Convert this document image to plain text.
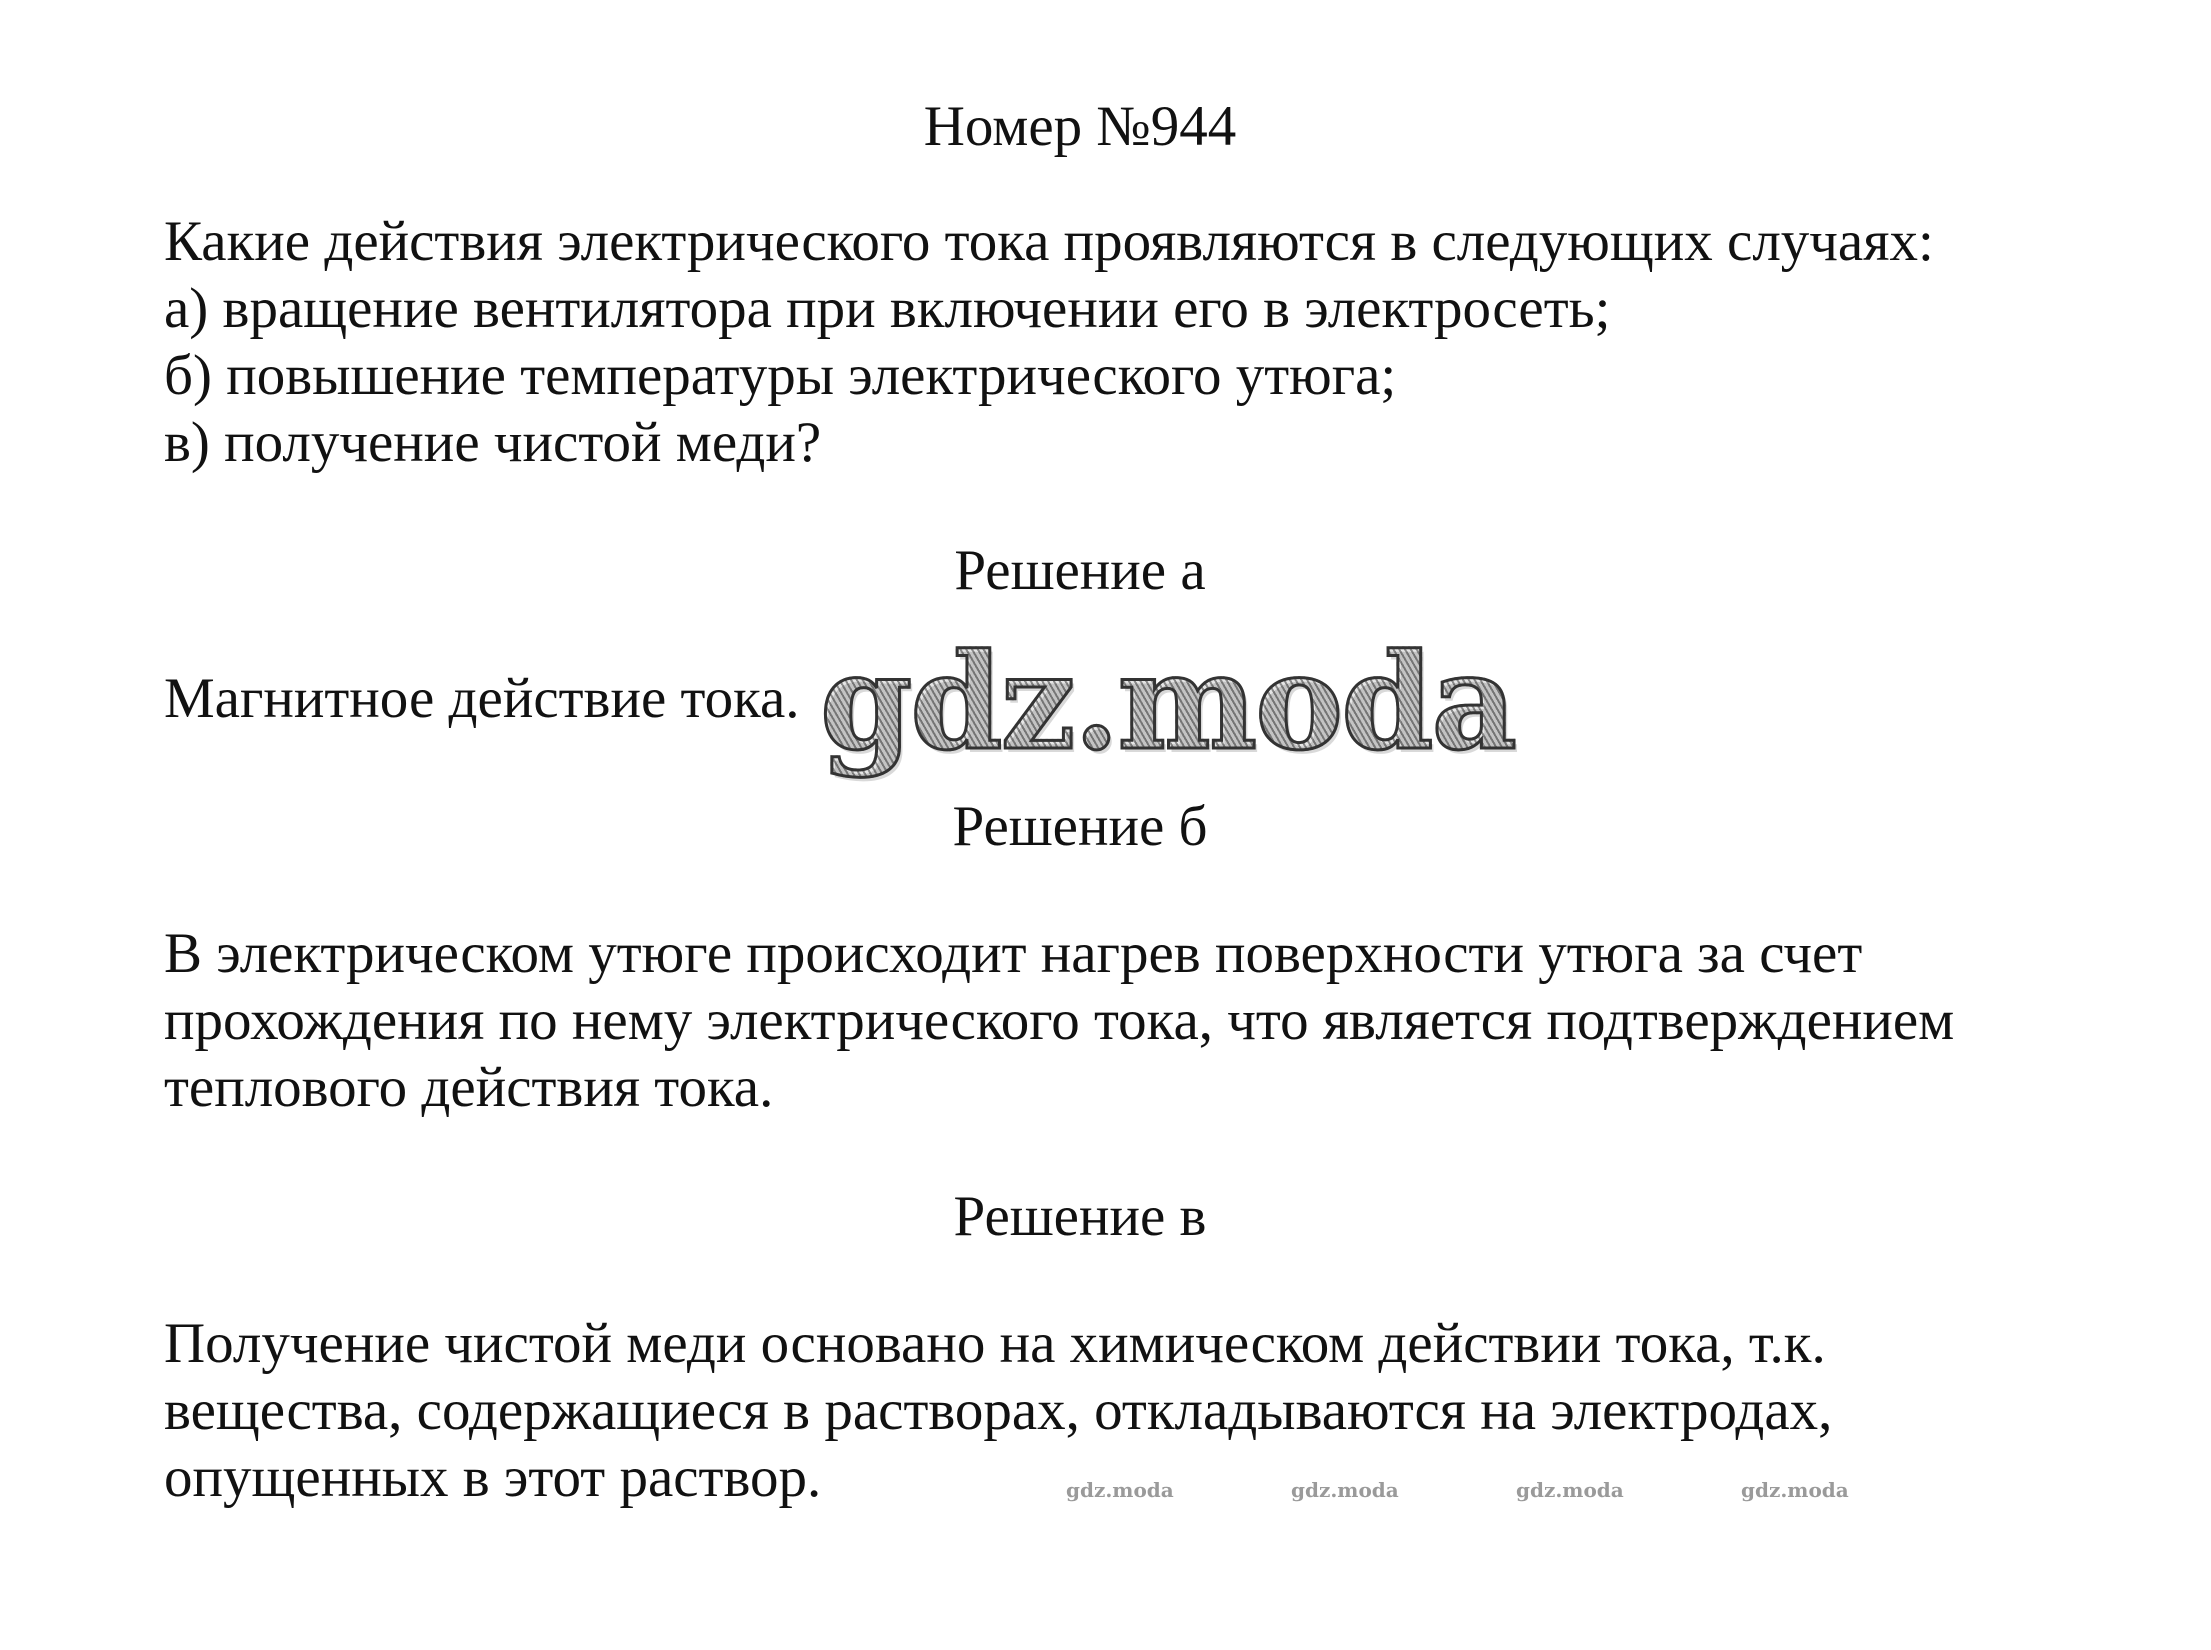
Номер №944
Какие действия электрического тока проявляются в следующих случаях:
а) вращение вентилятора при включении его в электросеть;
б) повышение температуры электрического утюга;
в) получение чистой меди?
Решение а
Магнитное действие тока. gdz.moda
Решение б
В электрическом утюге происходит нагрев поверхности утюга за счет
прохождения по нему электрического тока, что является подтверждением
теплового действия тока.
Решение в
Получение чистой меди основано на химическом действии тока, т.к.
вещества, содержащиеся в растворах, откладываются на электродах,
опущенных в этот раствор.	gdz.moda	gdz.moda	gdz.moda	gdz.moda
